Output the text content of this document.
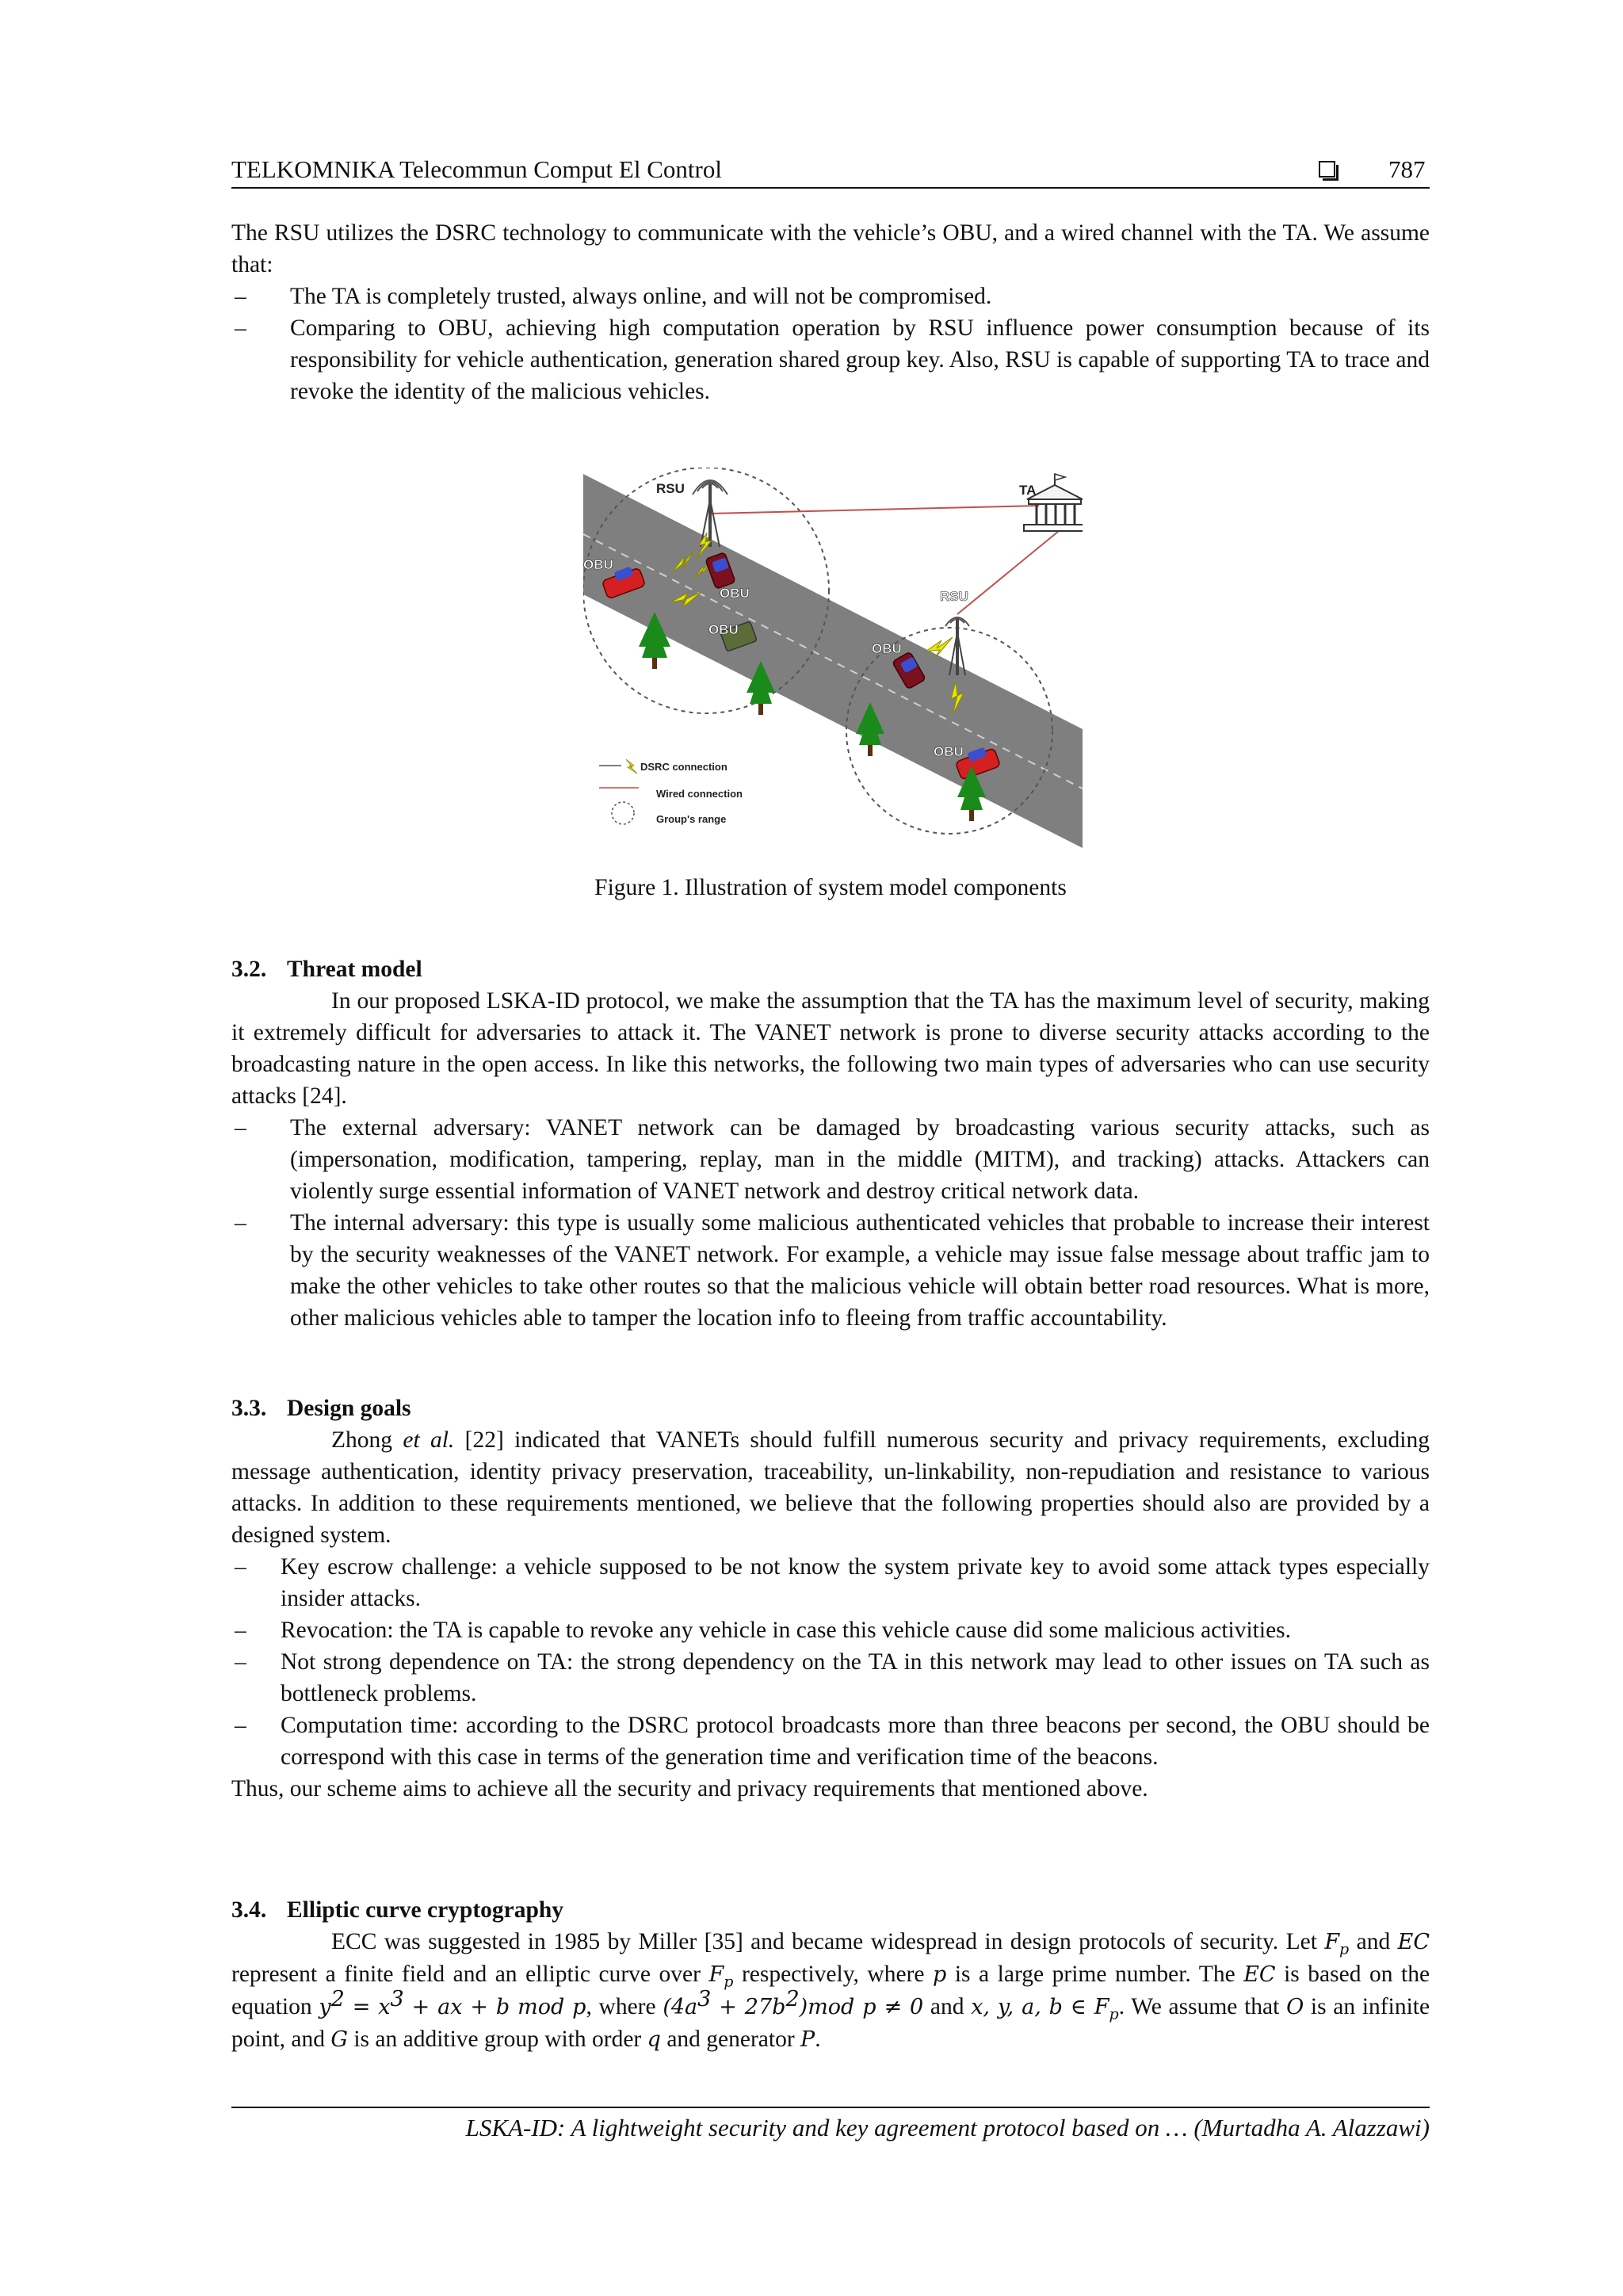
TELKOMNIKA Telecommun Comput El Control	787

The RSU utilizes the DSRC technology to communicate with the vehicle’s OBU, and a wired channel with the TA. We assume that:

– The TA is completely trusted, always online, and will not be compromised.
– Comparing to OBU, achieving high computation operation by RSU influence power consumption because of its responsibility for vehicle authentication, generation shared group key. Also, RSU is capable of supporting TA to trace and revoke the identity of the malicious vehicles.
RSU	TA
RSU
OBU
OBU
OBU
OBU
OBU
DSRC connection
Wired connection
Group's range
Figure 1. Illustration of system model components
3.2. Threat model

In our proposed LSKA-ID protocol, we make the assumption that the TA has the maximum level of security, making it extremely difficult for adversaries to attack it. The VANET network is prone to diverse security attacks according to the broadcasting nature in the open access. In like this networks, the following two main types of adversaries who can use security attacks [24].

– The external adversary: VANET network can be damaged by broadcasting various security attacks, such as (impersonation, modification, tampering, replay, man in the middle (MITM), and tracking) attacks. Attackers can violently surge essential information of VANET network and destroy critical network data.
– The internal adversary: this type is usually some malicious authenticated vehicles that probable to increase their interest by the security weaknesses of the VANET network. For example, a vehicle may issue false message about traffic jam to make the other vehicles to take other routes so that the malicious vehicle will obtain better road resources. What is more, other malicious vehicles able to tamper the location info to fleeing from traffic accountability.
3.3. Design goals

Zhong et al. [22] indicated that VANETs should fulfill numerous security and privacy requirements, excluding message authentication, identity privacy preservation, traceability, un-linkability, non-repudiation and resistance to various attacks. In addition to these requirements mentioned, we believe that the following properties should also are provided by a designed system.

– Key escrow challenge: a vehicle supposed to be not know the system private key to avoid some attack types especially insider attacks.
– Revocation: the TA is capable to revoke any vehicle in case this vehicle cause did some malicious activities.
– Not strong dependence on TA: the strong dependency on the TA in this network may lead to other issues on TA such as bottleneck problems.
– Computation time: according to the DSRC protocol broadcasts more than three beacons per second, the OBU should be correspond with this case in terms of the generation time and verification time of the beacons.

Thus, our scheme aims to achieve all the security and privacy requirements that mentioned above.

3.4. Elliptic curve cryptography

ECC was suggested in 1985 by Miller [35] and became widespread in design protocols of security. Let $F_p$ and EC represent a finite field and an elliptic curve over $F_p$ respectively, where p is a large prime number. The EC is based on the equation $y^2 = x^3$ + ax + b mod p, where $(4a^3 + 27b^2)mod$ p ≠ 0 and x, y, a, b ∈ $F_p$. We assume that O is an infinite point, and G is an additive group with order q and generator P.

LSKA-ID: A lightweight security and key agreement protocol based on … (Murtadha A. Alazzawi)
